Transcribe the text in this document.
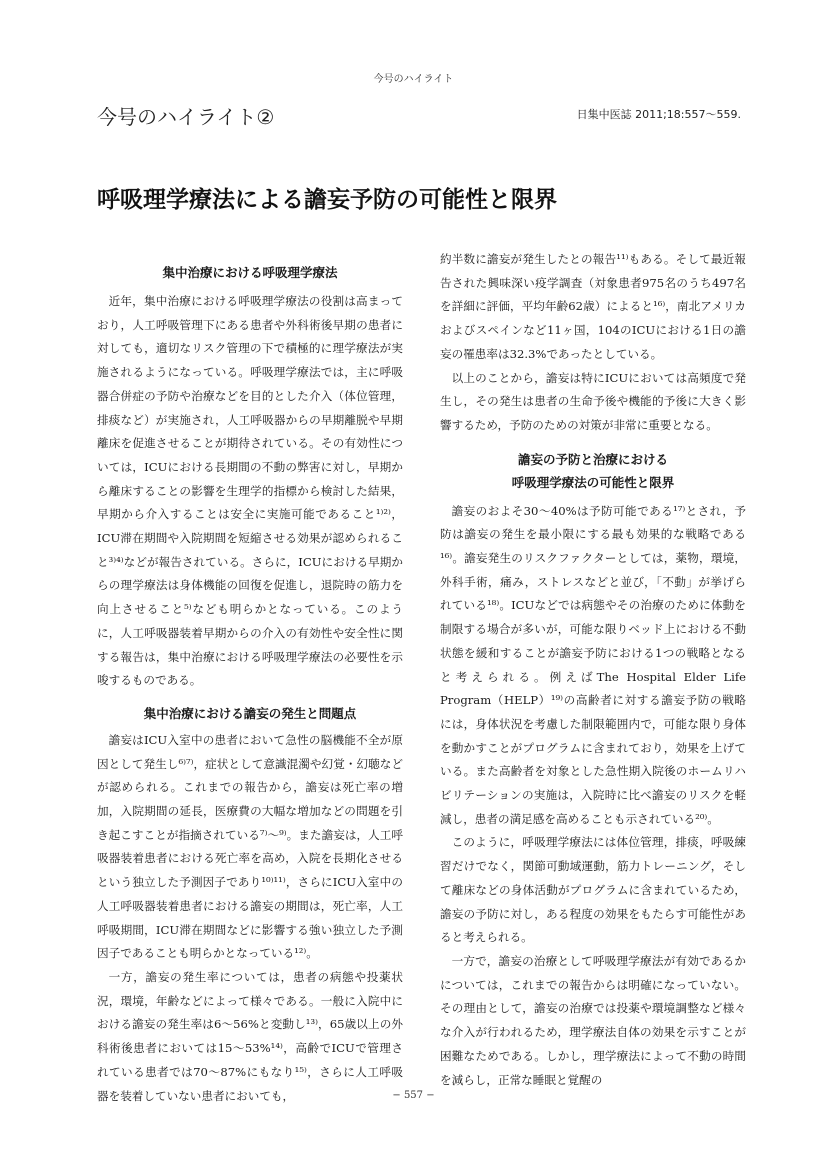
今号のハイライト
今号のハイライト②	日集中医誌 2011;18:557〜559.
呼吸理学療法による譫妄予防の可能性と限界
集中治療における呼吸理学療法

近年，集中治療における呼吸理学療法の役割は高まっており，人工呼吸管理下にある患者や外科術後早期の患者に対しても，適切なリスク管理の下で積極的に理学療法が実施されるようになっている。呼吸理学療法では，主に呼吸器合併症の予防や治療などを目的とした介入（体位管理，排痰など）が実施され，人工呼吸器からの早期離脱や早期離床を促進させることが期待されている。その有効性については，ICUにおける長期間の不動の弊害に対し，早期から離床することの影響を生理学的指標から検討した結果，早期から介入することは安全に実施可能であること¹⁾²⁾，ICU滞在期間や入院期間を短縮させる効果が認められること³⁾⁴⁾などが報告されている。さらに，ICUにおける早期からの理学療法は身体機能の回復を促進し，退院時の筋力を向上させること⁵⁾なども明らかとなっている。このように，人工呼吸器装着早期からの介入の有効性や安全性に関する報告は，集中治療における呼吸理学療法の必要性を示唆するものである。

集中治療における譫妄の発生と問題点

譫妄はICU入室中の患者において急性の脳機能不全が原因として発生し⁶⁾⁷⁾，症状として意識混濁や幻覚・幻聴などが認められる。これまでの報告から，譫妄は死亡率の増加，入院期間の延長，医療費の大幅な増加などの問題を引き起こすことが指摘されている⁷⁾〜⁹⁾。また譫妄は，人工呼吸器装着患者における死亡率を高め，入院を長期化させるという独立した予測因子であり¹⁰⁾¹¹⁾，さらにICU入室中の人工呼吸器装着患者における譫妄の期間は，死亡率，人工呼吸期間，ICU滞在期間などに影響する強い独立した予測因子であることも明らかとなっている¹²⁾。

一方，譫妄の発生率については，患者の病態や投薬状況，環境，年齢などによって様々である。一般に入院中における譫妄の発生率は6〜56%と変動し¹³⁾，65歳以上の外科術後患者においては15〜53%¹⁴⁾，高齢でICUで管理されている患者では70〜87%にもなり¹⁵⁾，さらに人工呼吸器を装着していない患者においても，

約半数に譫妄が発生したとの報告¹¹⁾もある。そして最近報告された興味深い疫学調査（対象患者975名のうち497名を詳細に評価，平均年齢62歳）によると¹⁶⁾，南北アメリカおよびスペインなど11ヶ国，104のICUにおける1日の譫妄の罹患率は32.3%であったとしている。

以上のことから，譫妄は特にICUにおいては高頻度で発生し，その発生は患者の生命予後や機能的予後に大きく影響するため，予防のための対策が非常に重要となる。

譫妄の予防と治療における
呼吸理学療法の可能性と限界

譫妄のおよそ30〜40%は予防可能である¹⁷⁾とされ，予防は譫妄の発生を最小限にする最も効果的な戦略である¹⁶⁾。譫妄発生のリスクファクターとしては，薬物，環境，外科手術，痛み，ストレスなどと並び，「不動」が挙げられている¹⁸⁾。ICUなどでは病態やその治療のために体動を制限する場合が多いが，可能な限りベッド上における不動状態を緩和することが譫妄予防における1つの戦略となると考えられる。例えばThe Hospital Elder Life Program（HELP）¹⁹⁾の高齢者に対する譫妄予防の戦略には，身体状況を考慮した制限範囲内で，可能な限り身体を動かすことがプログラムに含まれており，効果を上げている。また高齢者を対象とした急性期入院後のホームリハビリテーションの実施は，入院時に比べ譫妄のリスクを軽減し，患者の満足感を高めることも示されている²⁰⁾。

このように，呼吸理学療法には体位管理，排痰，呼吸練習だけでなく，関節可動域運動，筋力トレーニング，そして離床などの身体活動がプログラムに含まれているため，譫妄の予防に対し，ある程度の効果をもたらす可能性があると考えられる。

一方で，譫妄の治療として呼吸理学療法が有効であるかについては，これまでの報告からは明確になっていない。その理由として，譫妄の治療では投薬や環境調整など様々な介入が行われるため，理学療法自体の効果を示すことが困難なためである。しかし，理学療法によって不動の時間を減らし，正常な睡眠と覚醒の

− 557 −
